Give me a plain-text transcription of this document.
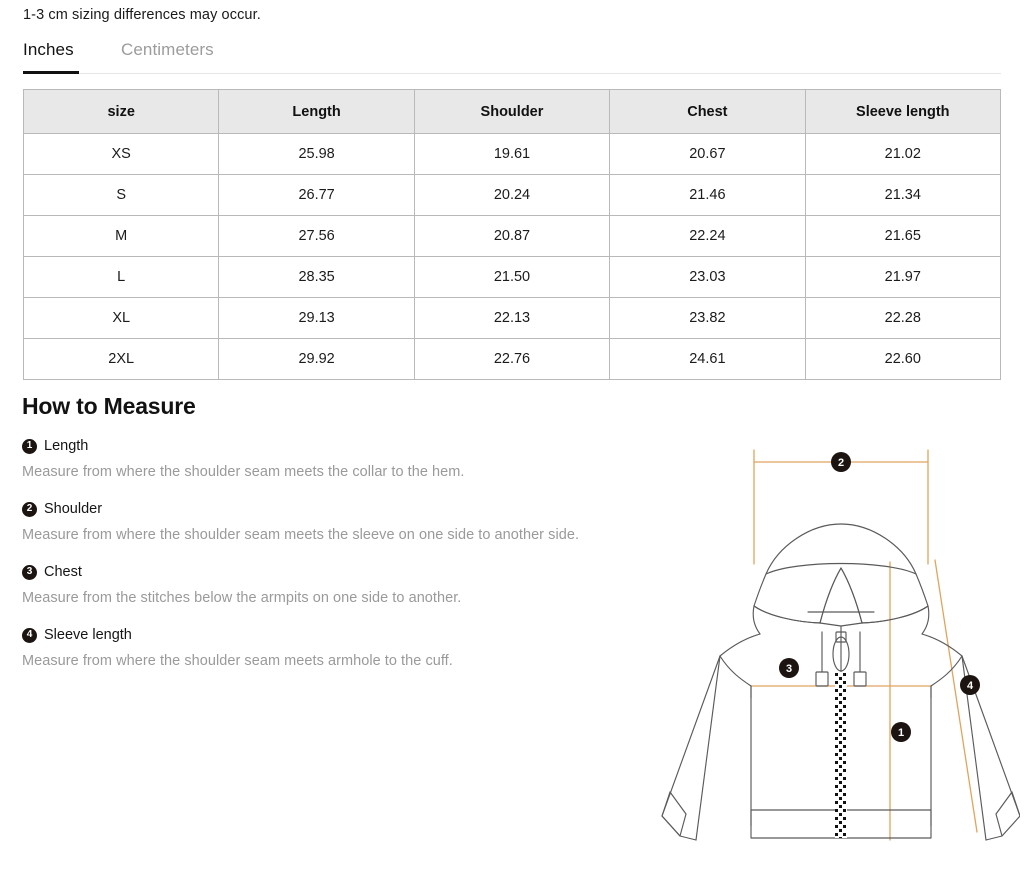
1-3 cm sizing differences may occur.
Inches	Centimeters
size	Length	Shoulder	Chest	Sleeve length
XS	25.98	19.61	20.67	21.02
S	26.77	20.24	21.46	21.34
M	27.56	20.87	22.24	21.65
L	28.35	21.50	23.03	21.97
XL	29.13	22.13	23.82	22.28
2XL	29.92	22.76	24.61	22.60
How to Measure
1 Length

Measure from where the shoulder seam meets the collar to the hem.

2 Shoulder

Measure from where the shoulder seam meets the sleeve on one side to another side.

3 Chest

Measure from the stitches below the armpits on one side to another.

4 Sleeve length

Measure from where the shoulder seam meets armhole to the cuff.

2
3
1
4
